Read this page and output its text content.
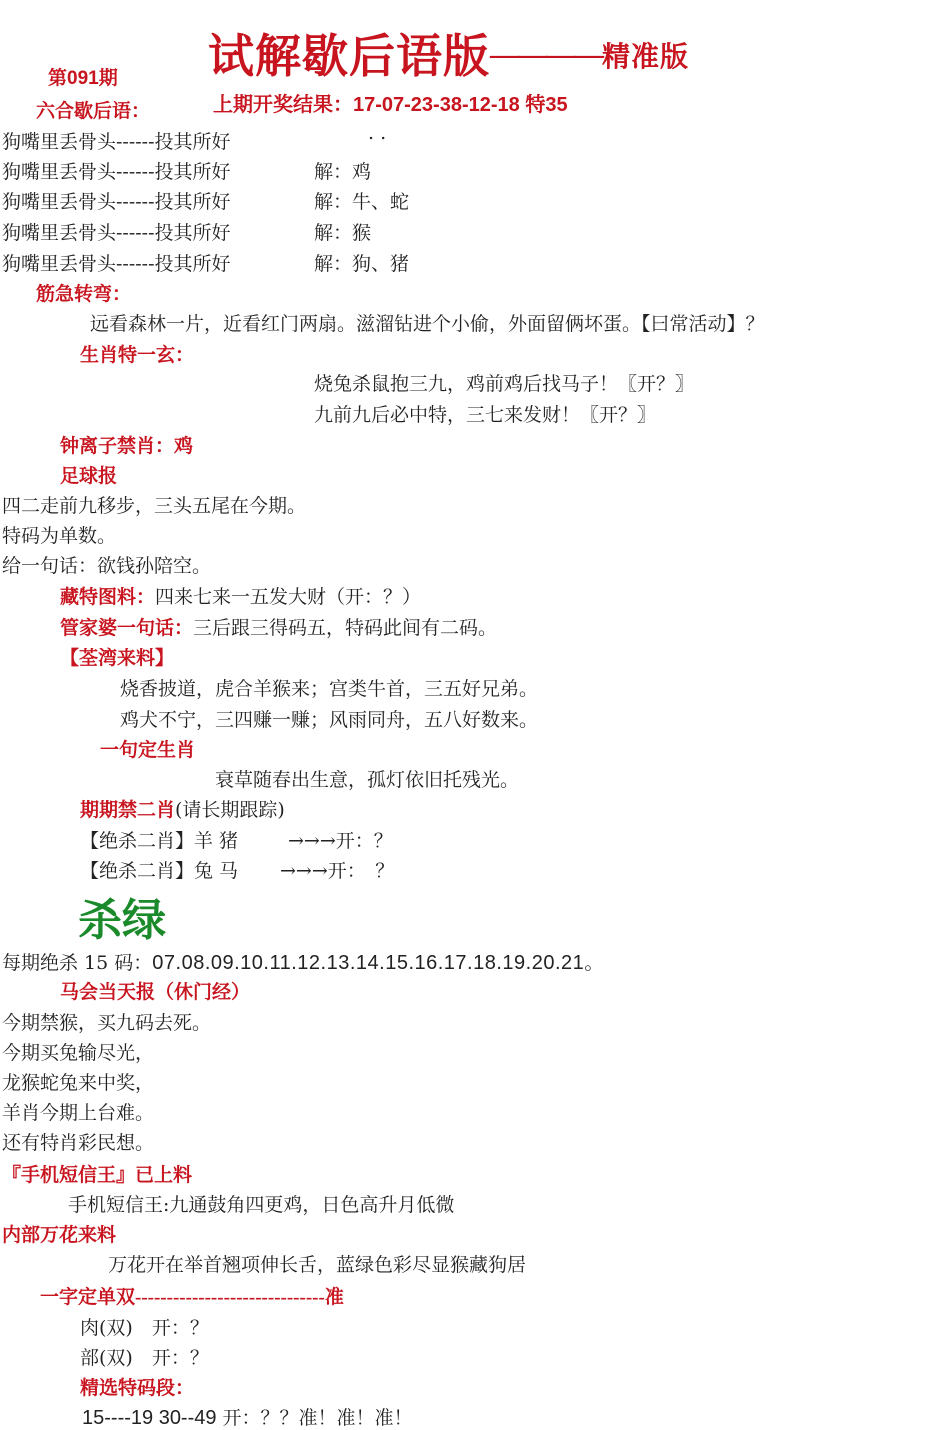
试解歇后语版————$^{精准版}$
第091期
上期开奖结果：17-07-23-38-12-18 特35
六合歇后语：
狗嘴里丢骨头------投其所好	. .
狗嘴里丢骨头------投其所好	解：鸡
狗嘴里丢骨头------投其所好	解：牛、蛇
狗嘴里丢骨头------投其所好	解：猴
狗嘴里丢骨头------投其所好	解：狗、猪
筋急转弯：
远看森林一片，近看红门两扇。滋溜钻进个小偷，外面留俩坏蛋。【曰常活动】？
生肖特一玄：
烧兔杀鼠抱三九，鸡前鸡后找马子！〖开？〗
九前九后必中特，三七来发财！〖开？〗
钟离子禁肖：鸡
足球报
四二走前九移步，三头五尾在今期。
特码为单数。
给一句话：欲钱孙陪空。
藏特图料：四来七来一五发大财（开：？）
管家婆一句话：三后跟三得码五，特码此间有二码。
【荃湾来料】
烧香披道，虎合羊猴来；宫类牛首，三五好兄弟。
鸡犬不宁，三四赚一赚；风雨同舟，五八好数来。
一句定生肖
衰草随春出生意，孤灯依旧托残光。
期期禁二肖(请长期跟踪)
【绝杀二肖】羊 猪	→→→开：？
【绝杀二肖】兔 马 →→→开：　？
杀绿
每期绝杀 15 码：07.08.09.10.11.12.13.14.15.16.17.18.19.20.21。
马会当天报（休门经）
今期禁猴，买九码去死。
今期买兔输尽光，
龙猴蛇兔来中奖，
羊肖今期上台难。
还有特肖彩民想。
『手机短信王』已上料
手机短信王:九通鼓角四更鸡，日色高升月低微
内部万花来料
万花开在举首翘项伸长舌，蓝绿色彩尽显猴藏狗居
一字定单双------------------------------准
肉(双)　开：？
部(双)　开：？
精选特码段：
15----19 30--49 开：？？准！准！准！
